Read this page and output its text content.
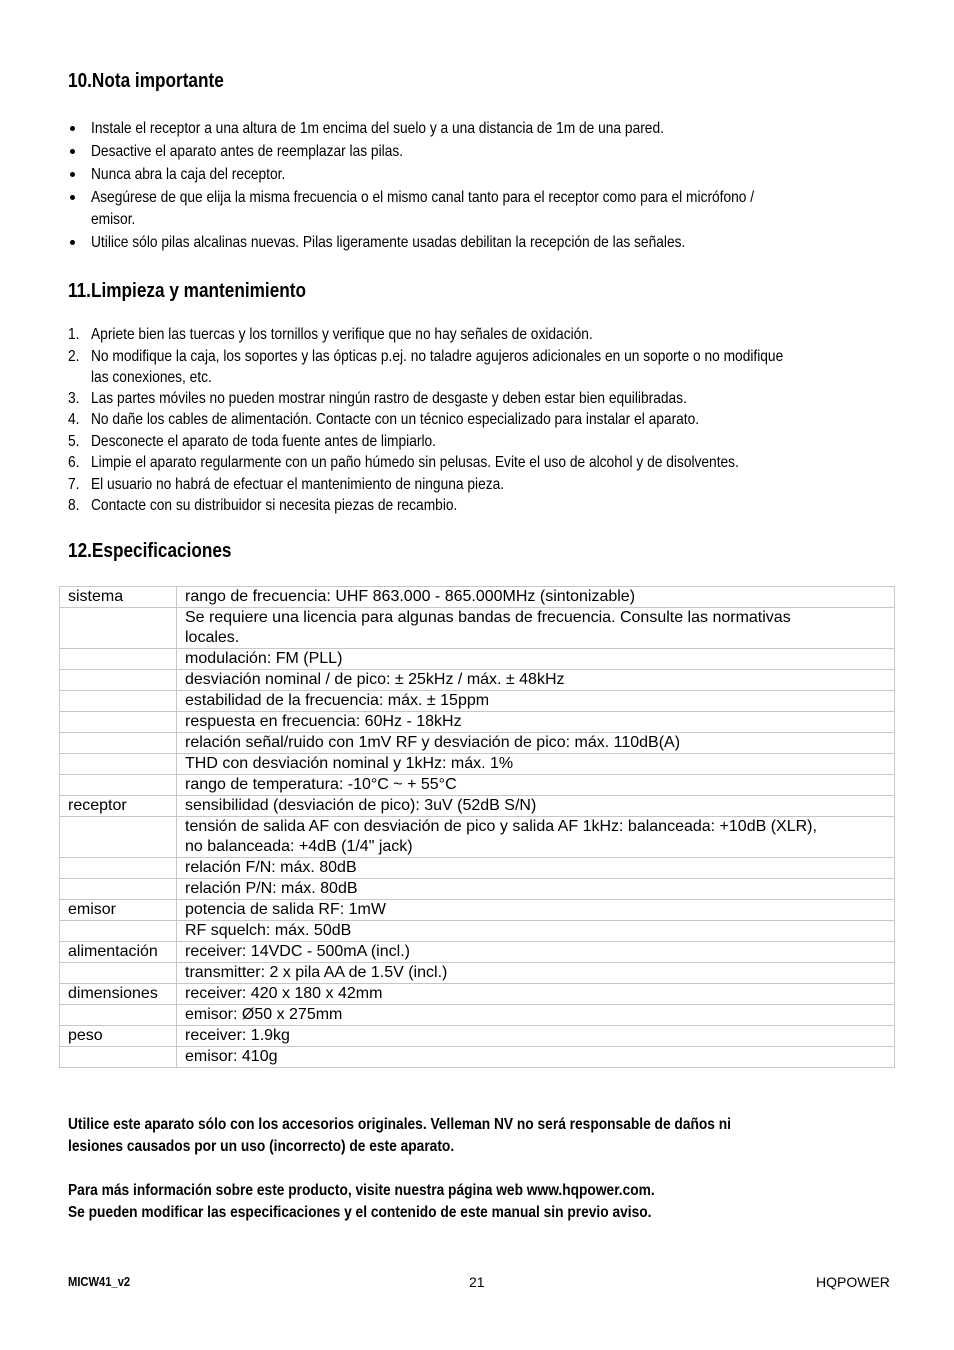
10.Nota importante
Instale el receptor a una altura de 1m encima del suelo y a una distancia de 1m de una pared.
Desactive el aparato antes de reemplazar las pilas.
Nunca abra la caja del receptor.
Asegúrese de que elija la misma frecuencia o el mismo canal tanto para el receptor como para el micrófono /
emisor.
Utilice sólo pilas alcalinas nuevas. Pilas ligeramente usadas debilitan la recepción de las señales.
11.Limpieza y mantenimiento
1. Apriete bien las tuercas y los tornillos y verifique que no hay señales de oxidación.
2. No modifique la caja, los soportes y las ópticas p.ej. no taladre agujeros adicionales en un soporte o no modifique
las conexiones, etc.
3. Las partes móviles no pueden mostrar ningún rastro de desgaste y deben estar bien equilibradas.
4. No dañe los cables de alimentación. Contacte con un técnico especializado para instalar el aparato.
5. Desconecte el aparato de toda fuente antes de limpiarlo.
6. Limpie el aparato regularmente con un paño húmedo sin pelusas. Evite el uso de alcohol y de disolventes.
7. El usuario no habrá de efectuar el mantenimiento de ninguna pieza.
8. Contacte con su distribuidor si necesita piezas de recambio.
12.Especificaciones
sistema	rango de frecuencia: UHF 863.000 - 865.000MHz (sintonizable)
	Se requiere una licencia para algunas bandas de frecuencia. Consulte las normativas
locales.
	modulación: FM (PLL)
	desviación nominal / de pico: ± 25kHz / máx. ± 48kHz
	estabilidad de la frecuencia: máx. ± 15ppm
	respuesta en frecuencia: 60Hz - 18kHz
	relación señal/ruido con 1mV RF y desviación de pico: máx. 110dB(A)
	THD con desviación nominal y 1kHz: máx. 1%
	rango de temperatura: -10°C ~ + 55°C
receptor	sensibilidad (desviación de pico): 3uV (52dB S/N)
	tensión de salida AF con desviación de pico y salida AF 1kHz: balanceada: +10dB (XLR),
no balanceada: +4dB (1/4" jack)
	relación F/N: máx. 80dB
	relación P/N: máx. 80dB
emisor	potencia de salida RF: 1mW
	RF squelch: máx. 50dB
alimentación	receiver: 14VDC - 500mA (incl.)
	transmitter: 2 x pila AA de 1.5V (incl.)
dimensiones	receiver: 420 x 180 x 42mm
	emisor: Ø50 x 275mm
peso	receiver: 1.9kg
	emisor: 410g
Utilice este aparato sólo con los accesorios originales. Velleman NV no será responsable de daños ni
lesiones causados por un uso (incorrecto) de este aparato.
Para más información sobre este producto, visite nuestra página web www.hqpower.com.
Se pueden modificar las especificaciones y el contenido de este manual sin previo aviso.
MICW41_v2	21	HQPOWER
